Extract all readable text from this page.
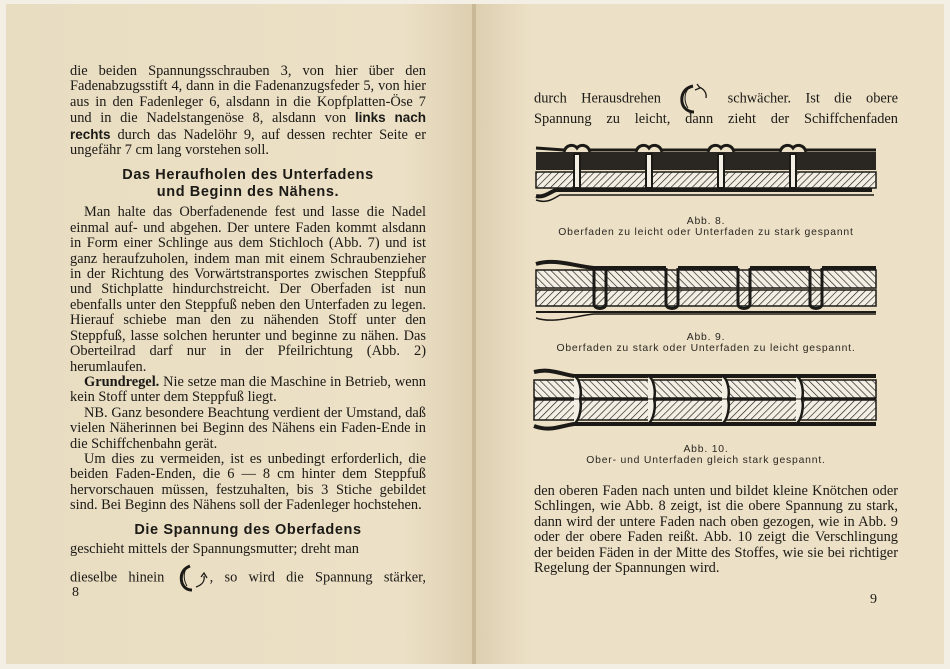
die beiden Spannungsschrauben 3, von hier über den Fadenabzugsstift 4, dann in die Fadenanzugsfeder 5, von hier aus in den Fadenleger 6, alsdann in die Kopfplatten-Öse 7 und in die Nadelstangenöse 8, alsdann von links nach rechts durch das Nadelöhr 9, auf dessen rechter Seite er ungefähr 7 cm lang vorstehen soll.

Das Heraufholen des Unterfadens
und Beginn des Nähens.

Man halte das Oberfadenende fest und lasse die Nadel einmal auf- und abgehen. Der untere Faden kommt alsdann in Form einer Schlinge aus dem Stichloch (Abb. 7) und ist ganz heraufzuholen, indem man mit einem Schraubenzieher in der Richtung des Vorwärtstransportes zwischen Steppfuß und Stichplatte hindurchstreicht. Der Oberfaden ist nun ebenfalls unter den Steppfuß neben den Unterfaden zu legen. Hierauf schiebe man den zu nähenden Stoff unter den Steppfuß, lasse solchen herunter und beginne zu nähen. Das Oberteilrad darf nur in der Pfeilrichtung (Abb. 2) herumlaufen.

Grundregel. Nie setze man die Maschine in Betrieb, wenn kein Stoff unter dem Steppfuß liegt.

NB. Ganz besondere Beachtung verdient der Umstand, daß vielen Näherinnen bei Beginn des Nähens ein Faden-Ende in die Schiffchenbahn gerät.

Um dies zu vermeiden, ist es unbedingt erforderlich, die beiden Faden-Enden, die 6 — 8 cm hinter dem Steppfuß hervorschauen müssen, festzuhalten, bis 3 Stiche gebildet sind. Bei Beginn des Nähens soll der Fadenleger hochstehen.

Die Spannung des Oberfadens

geschieht mittels der Spannungsmutter; dreht man

dieselbe hinein	, so wird die Spannung stärker,

8
durch Herausdrehen	schwächer. Ist die obere
Spannung zu leicht, dann zieht der Schiffchenfaden
Abb. 8.
Oberfaden zu leicht oder Unterfaden zu stark gespannt
Abb. 9.
Oberfaden zu stark oder Unterfaden zu leicht gespannt.
Abb. 10.
Ober- und Unterfaden gleich stark gespannt.
den oberen Faden nach unten und bildet kleine Knötchen oder Schlingen, wie Abb. 8 zeigt, ist die obere Spannung zu stark, dann wird der untere Faden nach oben gezogen, wie in Abb. 9 oder der obere Faden reißt. Abb. 10 zeigt die Verschlingung der beiden Fäden in der Mitte des Stoffes, wie sie bei richtiger Regelung der Spannungen wird.
9
